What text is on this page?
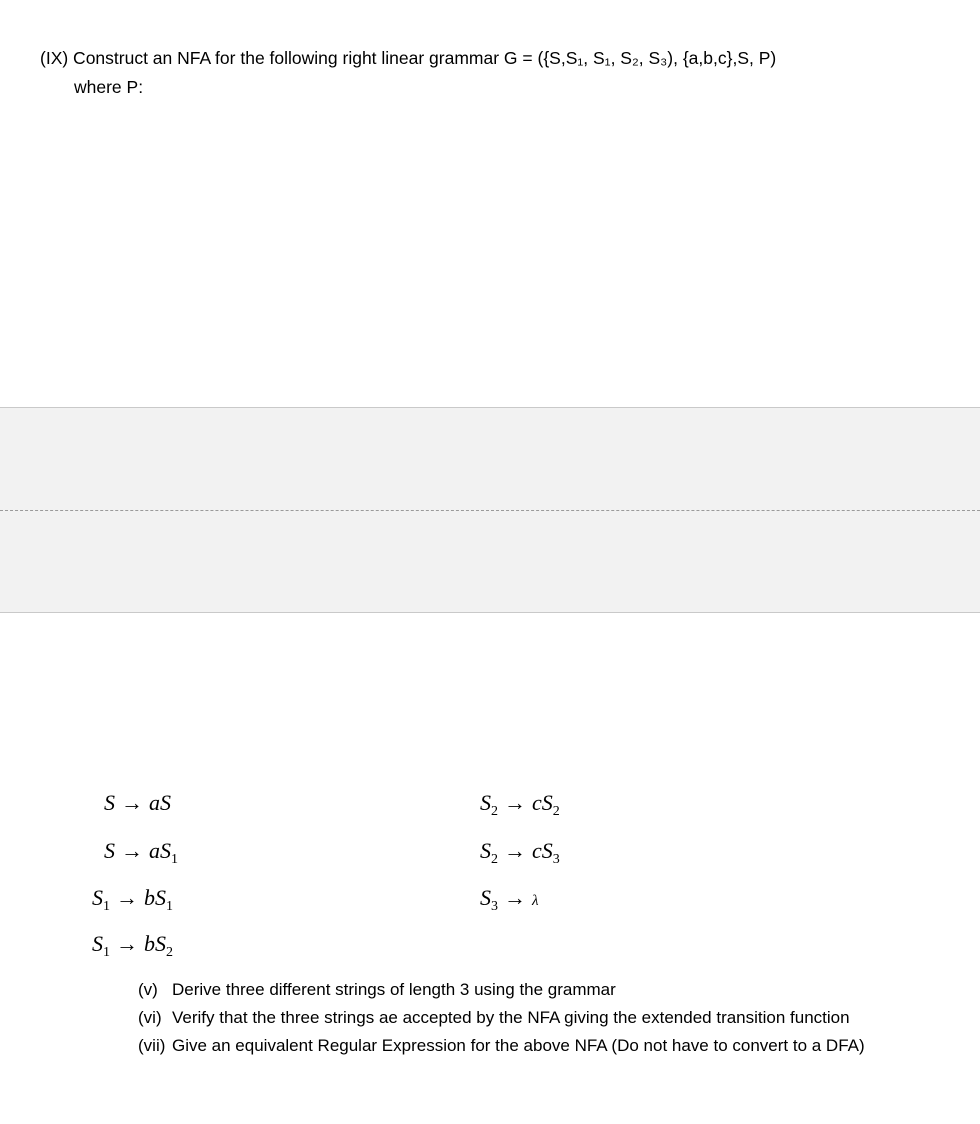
(IX) Construct an NFA for the following right linear grammar G = ({S,S₁, S₁, S₂, S₃), {a,b,c},S, P)
where P:
S → aS
$S \to aS_1$
$S_1 \to bS_1$
$S_1 \to bS_2$
$S_2 \to cS_2$
$S_2 \to cS_3$
$S_3 \to \lambda$
(v) Derive three different strings of length 3 using the grammar
(vi) Verify that the three strings ae accepted by the NFA giving the extended transition function
(vii) Give an equivalent Regular Expression for the above NFA (Do not have to convert to a DFA)
